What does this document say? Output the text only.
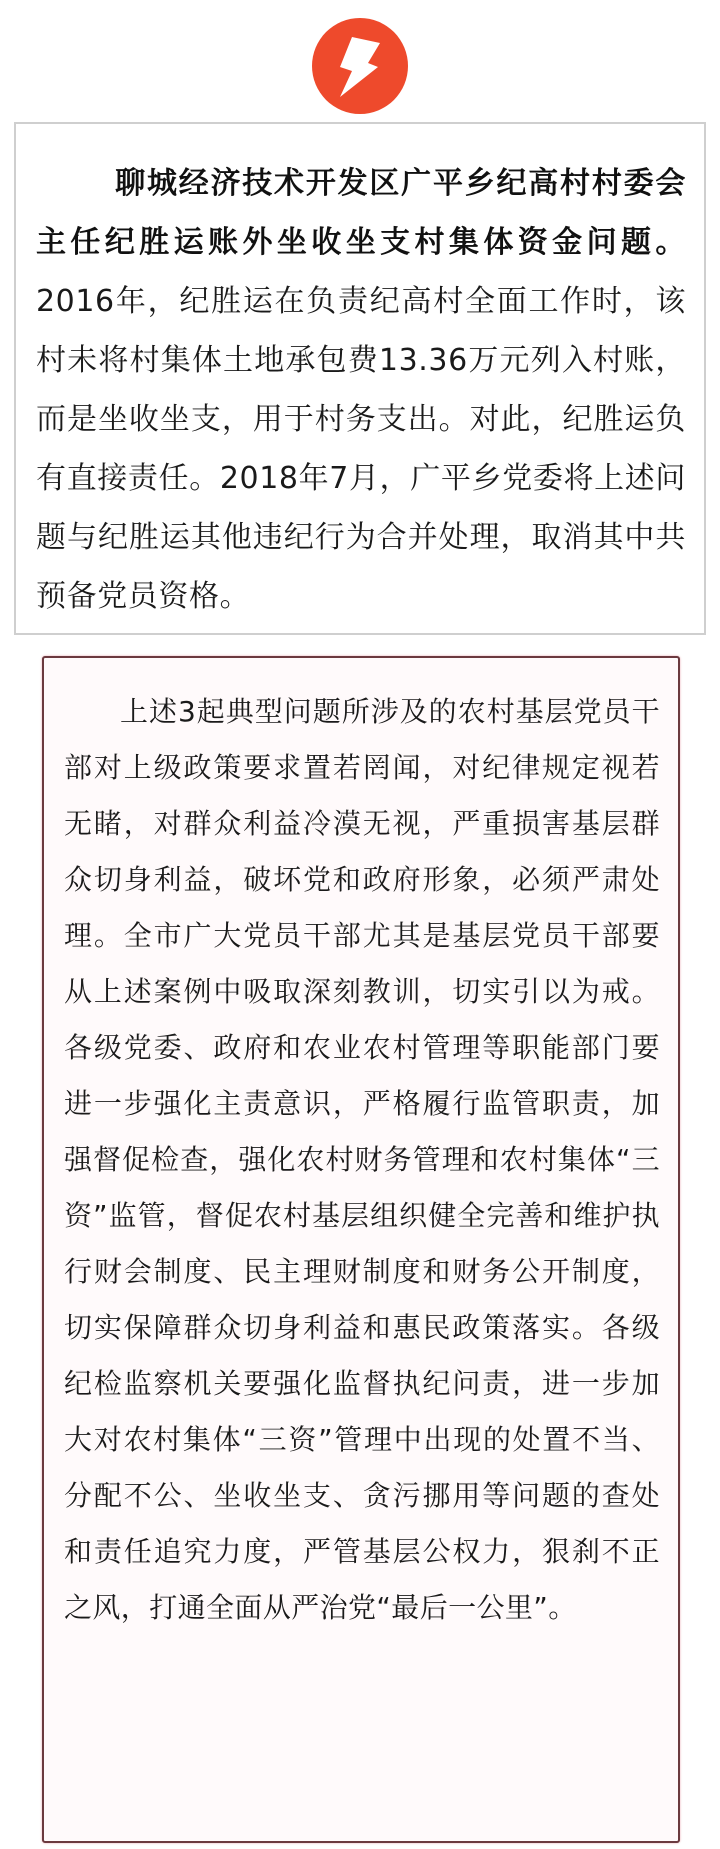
聊城经济技术开发区广平乡纪高村村委会主任纪胜运账外坐收坐支村集体资金问题。2016年，纪胜运在负责纪高村全面工作时，该村未将村集体土地承包费13.36万元列入村账，而是坐收坐支，用于村务支出。对此，纪胜运负有直接责任。2018年7月，广平乡党委将上述问题与纪胜运其他违纪行为合并处理，取消其中共预备党员资格。

上述3起典型问题所涉及的农村基层党员干部对上级政策要求置若罔闻，对纪律规定视若无睹，对群众利益冷漠无视，严重损害基层群众切身利益，破坏党和政府形象，必须严肃处理。全市广大党员干部尤其是基层党员干部要从上述案例中吸取深刻教训，切实引以为戒。各级党委、政府和农业农村管理等职能部门要进一步强化主责意识，严格履行监管职责，加强督促检查，强化农村财务管理和农村集体“三资”监管，督促农村基层组织健全完善和维护执行财会制度、民主理财制度和财务公开制度，切实保障群众切身利益和惠民政策落实。各级纪检监察机关要强化监督执纪问责，进一步加大对农村集体“三资”管理中出现的处置不当、分配不公、坐收坐支、贪污挪用等问题的查处和责任追究力度，严管基层公权力，狠刹不正之风，打通全面从严治党“最后一公里”。
